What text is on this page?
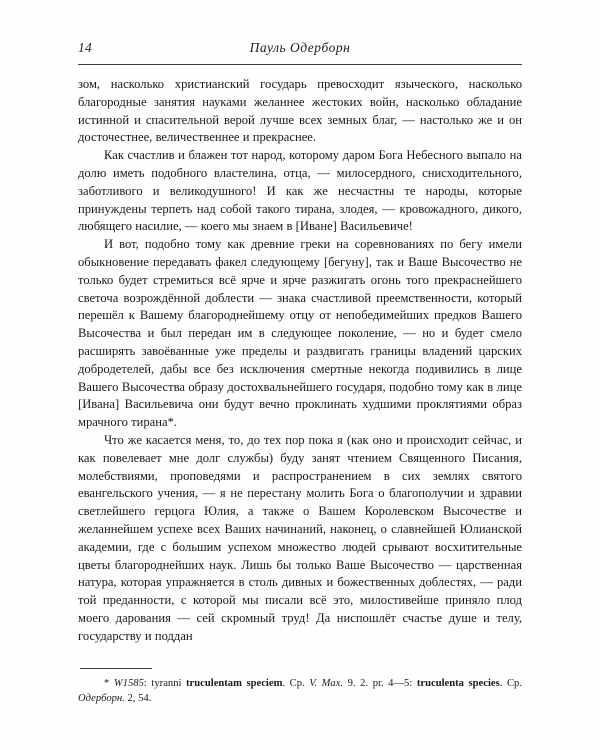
14	Пауль Одерборн

зом, насколько христианский государь превосходит языческого, насколько благородные занятия науками желаннее жестоких войн, насколько обладание истинной и спасительной верой лучше всех земных благ, — настолько же и он досточестнее, величественнее и прекраснее.

Как счастлив и блажен тот народ, которому даром Бога Небесного выпало на долю иметь подобного властелина, отца, — милосердного, снисходительного, заботливого и великодушного! И как же несчастны те народы, которые принуждены терпеть над собой такого тирана, злодея, — кровожадного, дикого, любящего насилие, — коего мы знаем в [Иване] Васильевиче!

И вот, подобно тому как древние греки на соревнованиях по бегу имели обыкновение передавать факел следующему [бегуну], так и Ваше Высочество не только будет стремиться всё ярче и ярче разжигать огонь того прекраснейшего светоча возрождённой доблести — знака счастливой преемственности, который перешёл к Вашему благороднейшему отцу от непобедимейших предков Вашего Высочества и был передан им в следующее поколение, — но и будет смело расширять завоёванные уже пределы и раздвигать границы владений царских добродетелей, дабы все без исключения смертные некогда подивились в лице Вашего Высочества образу достохвальнейшего государя, подобно тому как в лице [Ивана] Васильевича они будут вечно проклинать худшими проклятиями образ мрачного тирана*.

Что же касается меня, то, до тех пор пока я (как оно и происходит сейчас, и как повелевает мне долг службы) буду занят чтением Священного Писания, молебствиями, проповедями и распространением в сих землях святого евангельского учения, — я не перестану молить Бога о благополучии и здравии светлейшего герцога Юлия, а также о Вашем Королевском Высочестве и желаннейшем успехе всех Ваших начинаний, наконец, о славнейшей Юлианской академии, где с большим успехом множество людей срывают восхитительные цветы благороднейших наук. Лишь бы только Ваше Высочество — царственная натура, которая упражняется в столь дивных и божественных доблестях, — ради той преданности, с которой мы писали всё это, милостивейше приняло плод моего дарования — сей скромный труд! Да ниспошлёт счастье душе и телу, государству и поддан

* W1585: tyranni truculentam speciem. Ср. V. Max. 9. 2. pr. 4—5: truculenta species. Ср. Одерборн. 2, 54.
